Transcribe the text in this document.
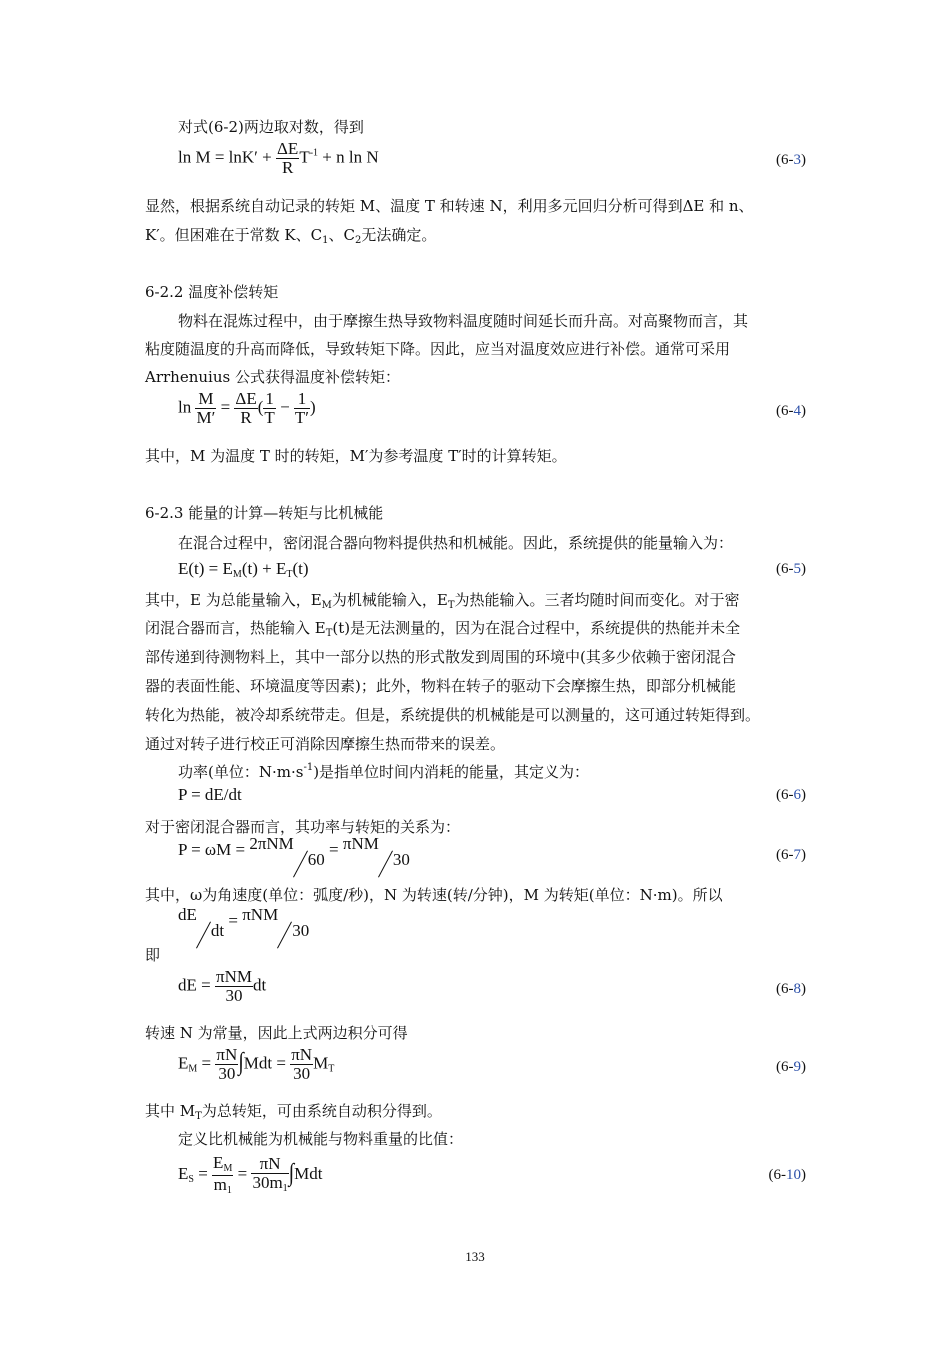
对式(6-2)两边取对数，得到
$\ln M = \ln K' + \frac{\Delta E}{R} T^{-1} + n$ ln N	(6-3)
显然，根据系统自动记录的转矩 M、温度 T 和转速 N，利用多元回归分析可得到ΔE 和 n、
K′。但困难在于常数 K、$C_1$、$C_2$无法确定。
6-2.2 温度补偿转矩
物料在混炼过程中，由于摩擦生热导致物料温度随时间延长而升高。对高聚物而言，其
粘度随温度的升高而降低，导致转矩下降。因此，应当对温度效应进行补偿。通常可采用
Arrhenuius 公式获得温度补偿转矩：
$\ln \frac{M}{M'} = \frac{\Delta E}{R}$ ( $\frac{1}{T} - \frac{1}{T'}$ )	(6-4)
其中，M 为温度 T 时的转矩，M′为参考温度 T′时的计算转矩。
6-2.3 能量的计算—转矩与比机械能
在混合过程中，密闭混合器向物料提供热和机械能。因此，系统提供的能量输入为：
$E(t) = E_M(t) + E_T(t)$	(6-5)
其中，E 为总能量输入，$E_M$为机械能输入，$E_T$为热能输入。三者均随时间而变化。对于密
闭混合器而言，热能输入 $E_T(t)$是无法测量的，因为在混合过程中，系统提供的热能并未全
部传递到待测物料上，其中一部分以热的形式散发到周围的环境中(其多少依赖于密闭混合
器的表面性能、环境温度等因素)；此外，物料在转子的驱动下会摩擦生热，即部分机械能
转化为热能，被冷却系统带走。但是，系统提供的机械能是可以测量的，这可通过转矩得到。
通过对转子进行校正可消除因摩擦生热而带来的误差。
功率(单位：$N\cdot m\cdot s^{-1}$)是指单位时间内消耗的能量，其定义为：
P = dE/dt	(6-6)
对于密闭混合器而言，其功率与转矩的关系为：
P = ωM = 2πNM60 = πNM30	(6-7)
其中，ω为角速度(单位：弧度/秒)，N 为转速(转/分钟)，M 为转矩(单位：N·m)。所以
dEdt = πNM30
即
dE = $\frac{\text{πNM}}{30}$ dt	(6-8)
转速 N 为常量，因此上式两边积分可得
$E_M = \frac{\pi N}{30} \int Mdt = \frac{\pi N}{30} M_T$	(6-9)
其中 $M_T$为总转矩，可由系统自动积分得到。
定义比机械能为机械能与物料重量的比值：
$E_S = \frac{E_M}{m_1} = \frac{\pi N}{30m_1} \int Mdt$	(6-10)
133
